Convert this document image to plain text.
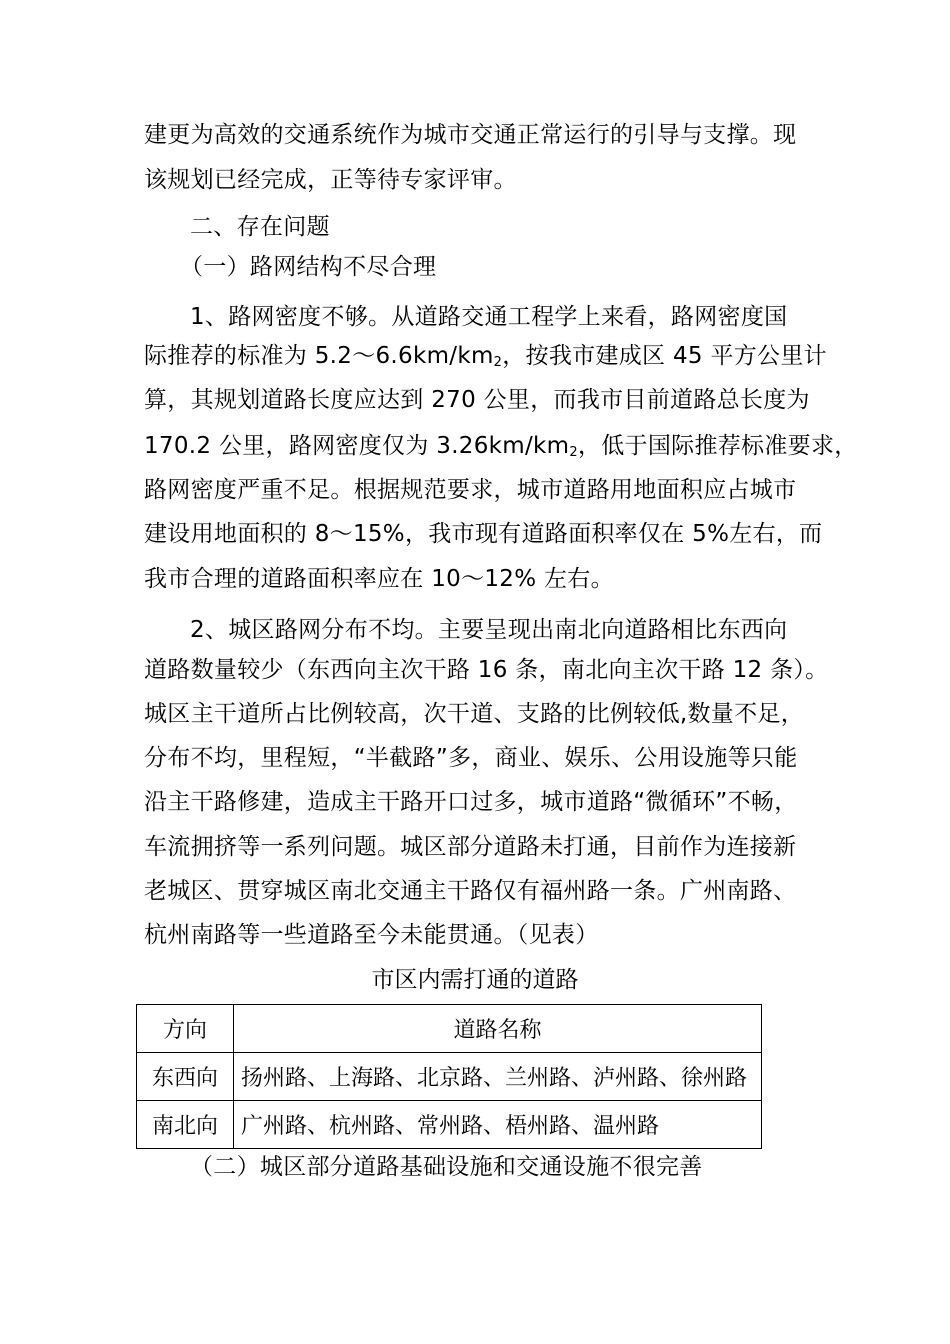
建更为高效的交通系统作为城市交通正常运行的引导与支撑。现
该规划已经完成，正等待专家评审。
二、存在问题
（一）路网结构不尽合理
1、路网密度不够。从道路交通工程学上来看，路网密度国
际推荐的标准为 $5.2\sim 6.6km/km_2$，按我市建成区 45 平方公里计
算，其规划道路长度应达到 270 公里，而我市目前道路总长度为
170.2 公里，路网密度仅为 $3.26km/km_2$，低于国际推荐标准要求，
路网密度严重不足。根据规范要求，城市道路用地面积应占城市
建设用地面积的 8～15%，我市现有道路面积率仅在 5%左右，而
我市合理的道路面积率应在 10～12% 左右。
2、城区路网分布不均。主要呈现出南北向道路相比东西向
道路数量较少（东西向主次干路 16 条，南北向主次干路 12 条）。
城区主干道所占比例较高，次干道、支路的比例较低,数量不足，
分布不均，里程短，“半截路”多，商业、娱乐、公用设施等只能
沿主干路修建，造成主干路开口过多，城市道路“微循环”不畅，
车流拥挤等一系列问题。城区部分道路未打通，目前作为连接新
老城区、贯穿城区南北交通主干路仅有福州路一条。广州南路、
杭州南路等一些道路至今未能贯通。（见表）
市区内需打通的道路
方向	道路名称
东西向	扬州路、上海路、北京路、兰州路、泸州路、徐州路
南北向	广州路、杭州路、常州路、梧州路、温州路
（二）城区部分道路基础设施和交通设施不很完善
